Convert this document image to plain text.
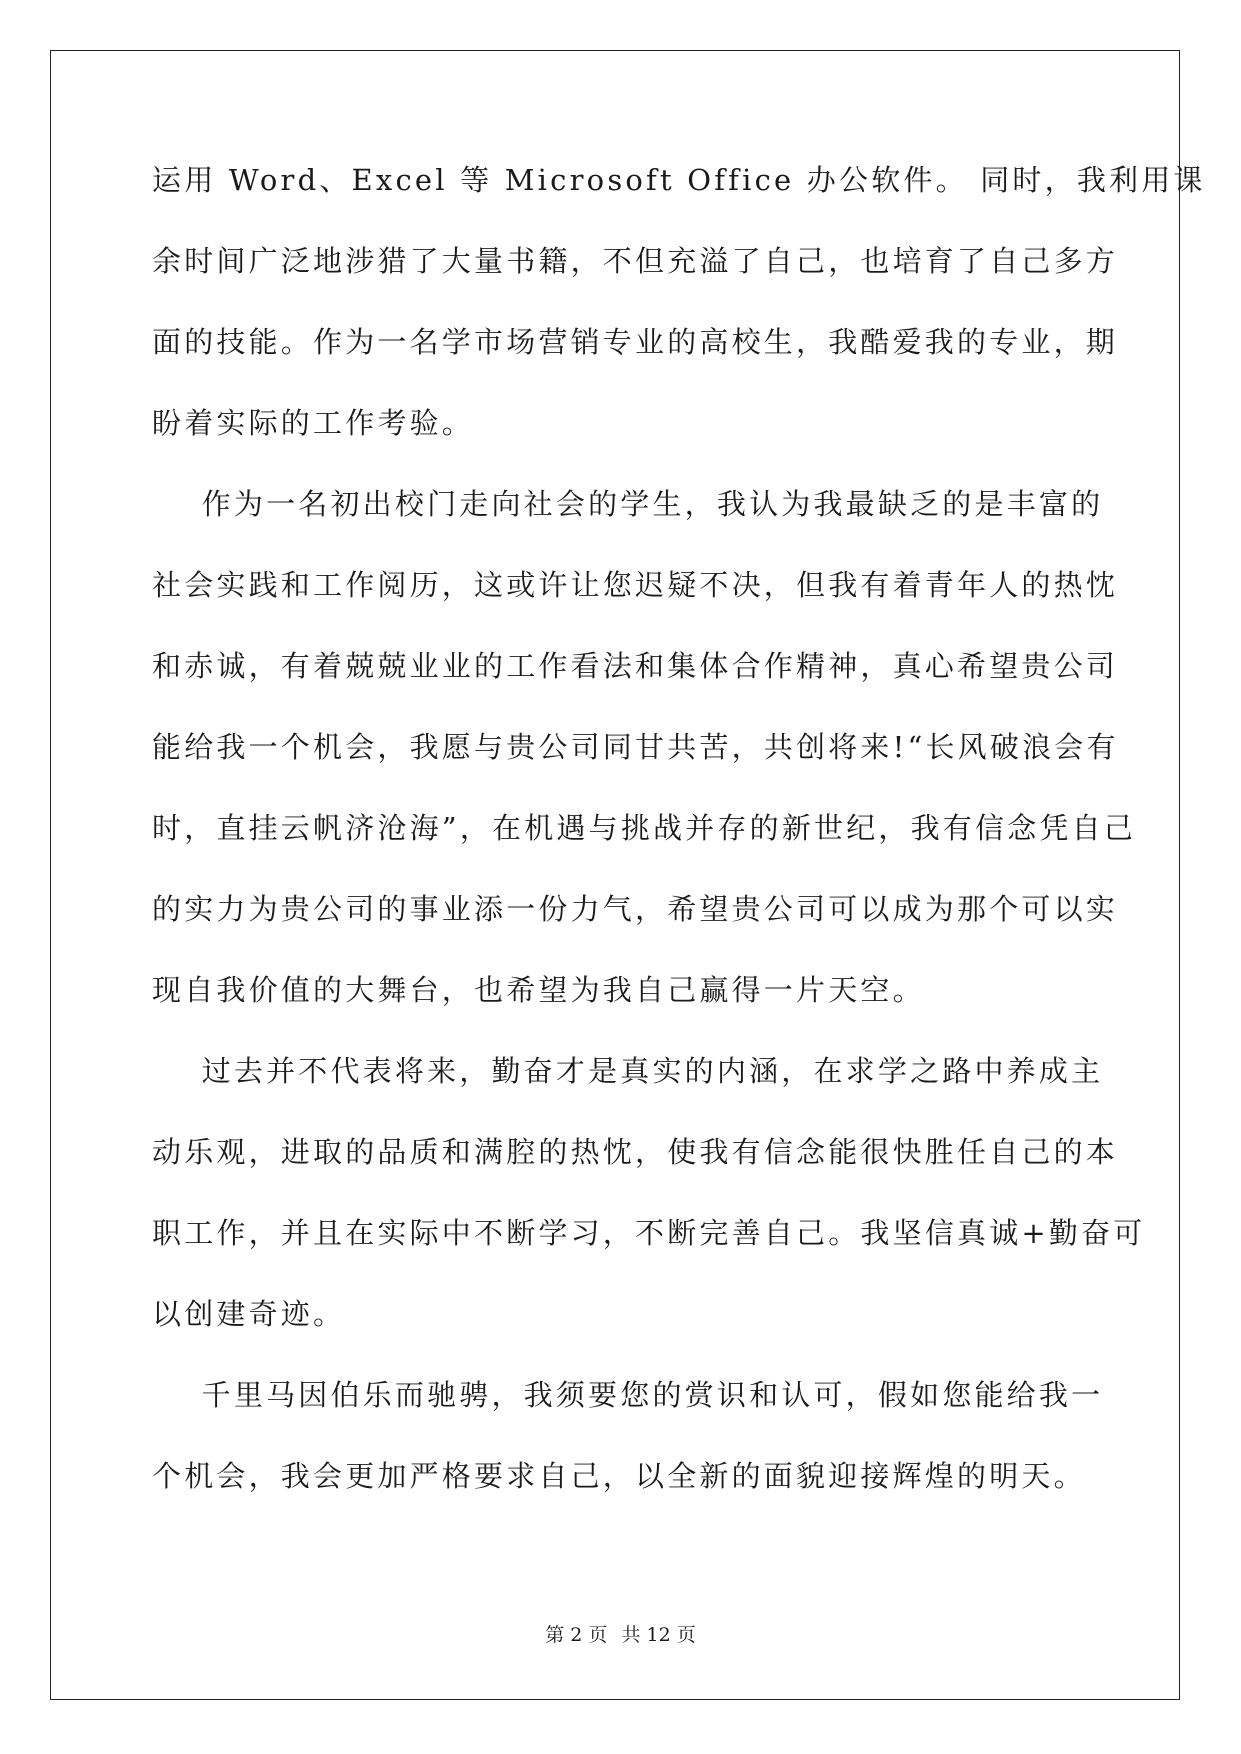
运用 Word、Excel 等 Microsoft Office 办公软件。 同时，我利用课
余时间广泛地涉猎了大量书籍，不但充溢了自己，也培育了自己多方
面的技能。作为一名学市场营销专业的高校生，我酷爱我的专业，期
盼着实际的工作考验。
作为一名初出校门走向社会的学生，我认为我最缺乏的是丰富的
社会实践和工作阅历，这或许让您迟疑不决，但我有着青年人的热忱
和赤诚，有着兢兢业业的工作看法和集体合作精神，真心希望贵公司
能给我一个机会，我愿与贵公司同甘共苦，共创将来!“长风破浪会有
时，直挂云帆济沧海”，在机遇与挑战并存的新世纪，我有信念凭自己
的实力为贵公司的事业添一份力气，希望贵公司可以成为那个可以实
现自我价值的大舞台，也希望为我自己赢得一片天空。
过去并不代表将来，勤奋才是真实的内涵，在求学之路中养成主
动乐观，进取的品质和满腔的热忱，使我有信念能很快胜任自己的本
职工作，并且在实际中不断学习，不断完善自己。我坚信真诚+勤奋可
以创建奇迹。
千里马因伯乐而驰骋，我须要您的赏识和认可，假如您能给我一
个机会，我会更加严格要求自己，以全新的面貌迎接辉煌的明天。
第 2 页 共 12 页
